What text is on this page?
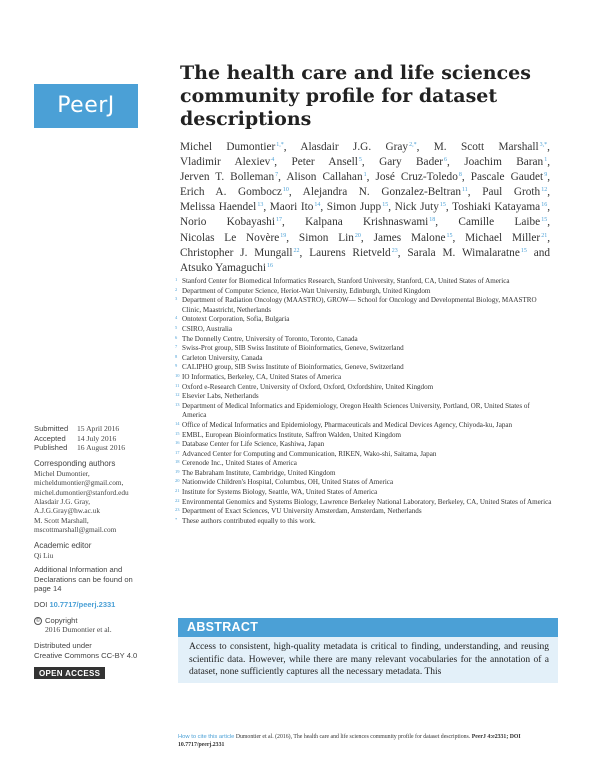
PeerJ
The health care and life sciences community profile for dataset descriptions
Michel Dumontier$^{1,*}$, Alasdair J.G. Gray$^{2,*}$, M. Scott Marshall$^{3,*}$, Vladimir Alexiev$^4$, Peter Ansell$^5$, Gary Bader$^6$, Joachim Baran$^1$, Jerven T. Bolleman$^7$, Alison Callahan$^1$, José Cruz-Toledo$^8$, Pascale Gaudet$^9$, Erich A. Gombocz$^{10}$, Alejandra N. Gonzalez-Beltran$^{11}$, Paul Groth$^{12}$, Melissa Haendel$^{13}$, Maori Ito$^{14}$, Simon Jupp$^{15}$, Nick Juty$^{15}$, Toshiaki Katayama$^{16}$, Norio Kobayashi$^{17}$, Kalpana Krishnaswami$^{18}$, Camille Laibe$^{15}$, Nicolas Le Novère$^{19}$, Simon Lin$^{20}$, James Malone$^{15}$, Michael Miller$^{21}$, Christopher J. Mungall$^{22}$, Laurens Rietveld$^{23}$, Sarala M. Wimalaratne$^{15}$ and Atsuko Yamaguchi$^{16}$
1 Stanford Center for Biomedical Informatics Research, Stanford University, Stanford, CA, United States of America
2 Department of Computer Science, Heriot-Watt University, Edinburgh, United Kingdom
3 Department of Radiation Oncology (MAASTRO), GROW— School for Oncology and Developmental Biology, MAASTRO Clinic, Maastricht, Netherlands
4 Ontotext Corporation, Sofia, Bulgaria
5 CSIRO, Australia
6 The Donnelly Centre, University of Toronto, Toronto, Canada
7 Swiss-Prot group, SIB Swiss Institute of Bioinformatics, Geneve, Switzerland
8 Carleton University, Canada
9 CALIPHO group, SIB Swiss Institute of Bioinformatics, Geneve, Switzerland
10 IO Informatics, Berkeley, CA, United States of America
11 Oxford e-Research Centre, University of Oxford, Oxford, Oxfordshire, United Kingdom
12 Elsevier Labs, Netherlands
13 Department of Medical Informatics and Epidemiology, Oregon Health Sciences University, Portland, OR, United States of America
14 Office of Medical Informatics and Epidemiology, Pharmaceuticals and Medical Devices Agency, Chiyoda-ku, Japan
15 EMBL, European Bioinformatics Institute, Saffron Walden, United Kingdom
16 Database Center for Life Science, Kashiwa, Japan
17 Advanced Center for Computing and Communication, RIKEN, Wako-shi, Saitama, Japan
18 Cerenode Inc., United States of America
19 The Babraham Institute, Cambridge, United Kingdom
20 Nationwide Children's Hospital, Columbus, OH, United States of America
21 Institute for Systems Biology, Seattle, WA, United States of America
22 Environmental Genomics and Systems Biology, Lawrence Berkeley National Laboratory, Berkeley, CA, United States of America
23 Department of Exact Sciences, VU University Amsterdam, Amsterdam, Netherlands
* These authors contributed equally to this work.
Submitted 15 April 2016
Accepted 14 July 2016
Published 16 August 2016
Corresponding authors
Michel Dumontier,
micheldumontier@gmail.com,
michel.dumontier@stanford.edu
Alasdair J.G. Gray,
A.J.G.Gray@hw.ac.uk
M. Scott Marshall,
mscottmarshall@gmail.com
Academic editor
Qi Liu
Additional Information and
Declarations can be found on
page 14
DOI 10.7717/peerj.2331
© Copyright
2016 Dumontier et al.
Distributed under
Creative Commons CC-BY 4.0
OPEN ACCESS
ABSTRACT

Access to consistent, high-quality metadata is critical to finding, understanding, and reusing scientific data. However, while there are many relevant vocabularies for the annotation of a dataset, none sufficiently captures all the necessary metadata. This

How to cite this article Dumontier et al. (2016), The health care and life sciences community profile for dataset descriptions. PeerJ 4:e2331; DOI 10.7717/peerj.2331
